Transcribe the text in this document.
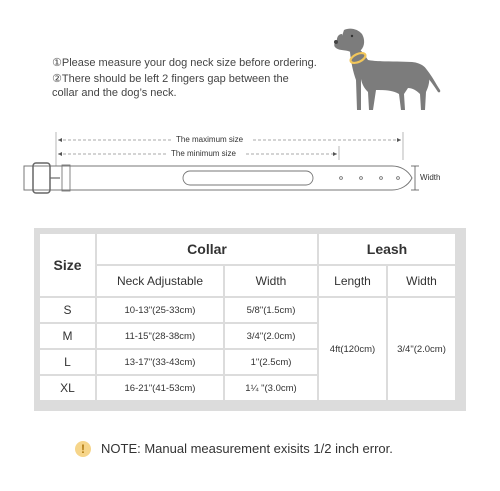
①Please measure your dog neck size before ordering.
②There should be left 2 fingers gap between the
collar and the dog’s neck.
The maximum size
The minimum size
Width
Size	Collar		Leash	
	Neck Adjustable	Width	Length	Width
S	10-13"(25-33cm)	5/8"(1.5cm)	4ft(120cm)	3/4"(2.0cm)
M	11-15"(28-38cm)	3/4"(2.0cm)		
L	13-17"(33-43cm)	1"(2.5cm)		
XL	16-21"(41-53cm)	1¼ "(3.0cm)		
!	NOTE: Manual measurement exisits 1/2 inch error.
